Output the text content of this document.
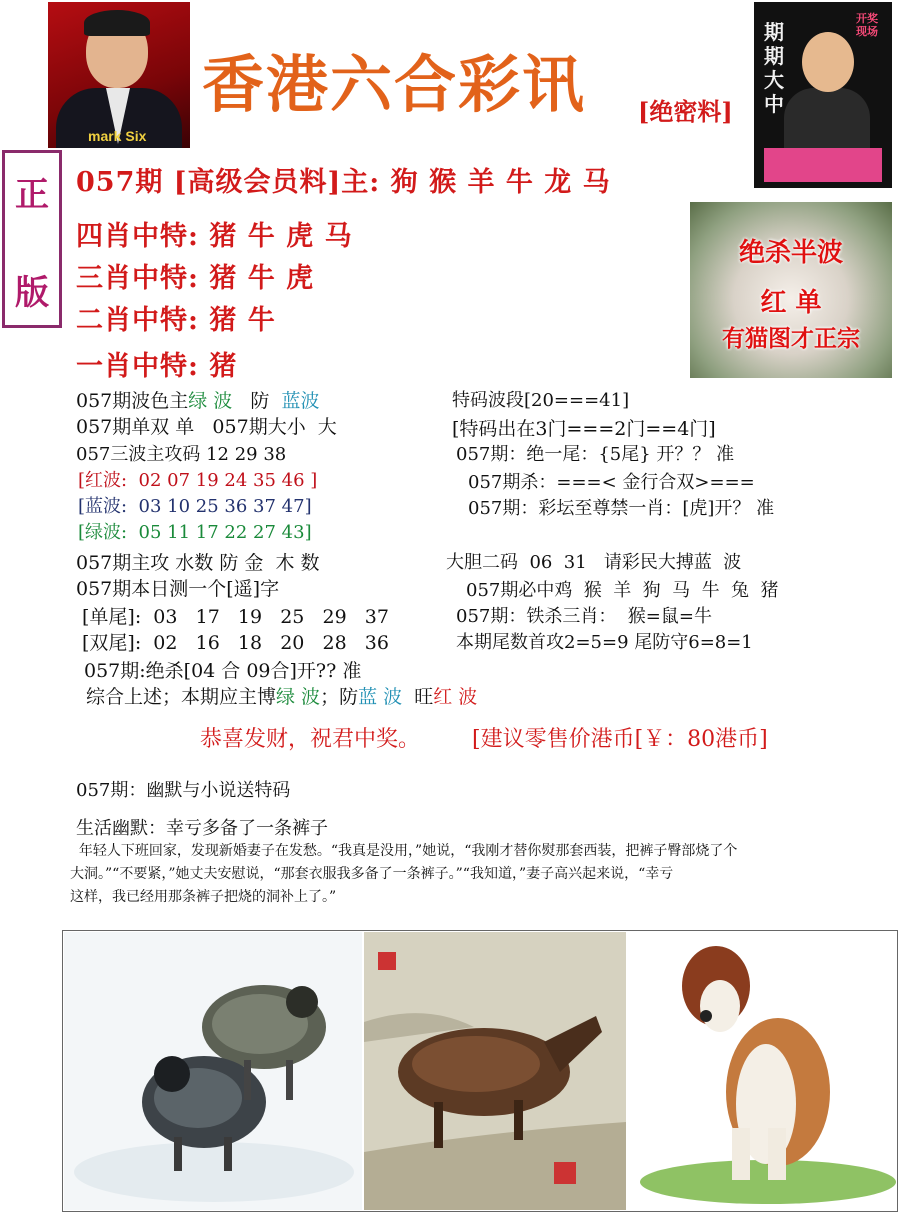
mark Six
香港六合彩讯 [绝密料]
期期大中
开奖现场
正
版
057期 [高级会员料]主: 狗 猴 羊 牛 龙 马
四肖中特: 猪 牛 虎 马
三肖中特: 猪 牛 虎
二肖中特: 猪 牛
一肖中特: 猪
绝杀半波
红 单
有猫图才正宗
057期波色主绿 波   防  蓝波
057期单双 单   057期大小  大
057三波主攻码 12 29 38
[红波:  02 07 19 24 35 46 ]
[蓝波:  03 10 25 36 37 47]
[绿波:  05 11 17 22 27 43]
057期主攻 水数 防 金  木 数
057期本日测一个[遥]字
[单尾]:  03   17   19   25   29   37
[双尾]:  02   16   18   20   28   36
057期:绝杀[04 合 09合]开?? 准
综合上述；本期应主博绿 波；防蓝 波  旺红 波
特码波段[20===41]
[特码出在3门===2门==4门]
057期：绝一尾：{5尾} 开？？ 准
057期杀：===< 金行合双>===
057期：彩坛至尊禁一肖：[虎]开？ 准
大胆二码  06  31   请彩民大搏蓝  波
057期必中鸡  猴  羊  狗  马  牛  兔  猪
057期：铁杀三肖：  猴=鼠=牛
本期尾数首攻2=5=9 尾防守6=8=1
恭喜发财，祝君中奖。 [建议零售价港币[￥：80港币]
057期：幽默与小说送特码
生活幽默：幸亏多备了一条裤子
年轻人下班回家，发现新婚妻子在发愁。“我真是没用，”她说，“我刚才替你熨那套西装，把裤子臀部烧了个
大洞。”“不要紧，”她丈夫安慰说，“那套衣服我多备了一条裤子。”“我知道，”妻子高兴起来说，“幸亏
这样，我已经用那条裤子把烧的洞补上了。”
